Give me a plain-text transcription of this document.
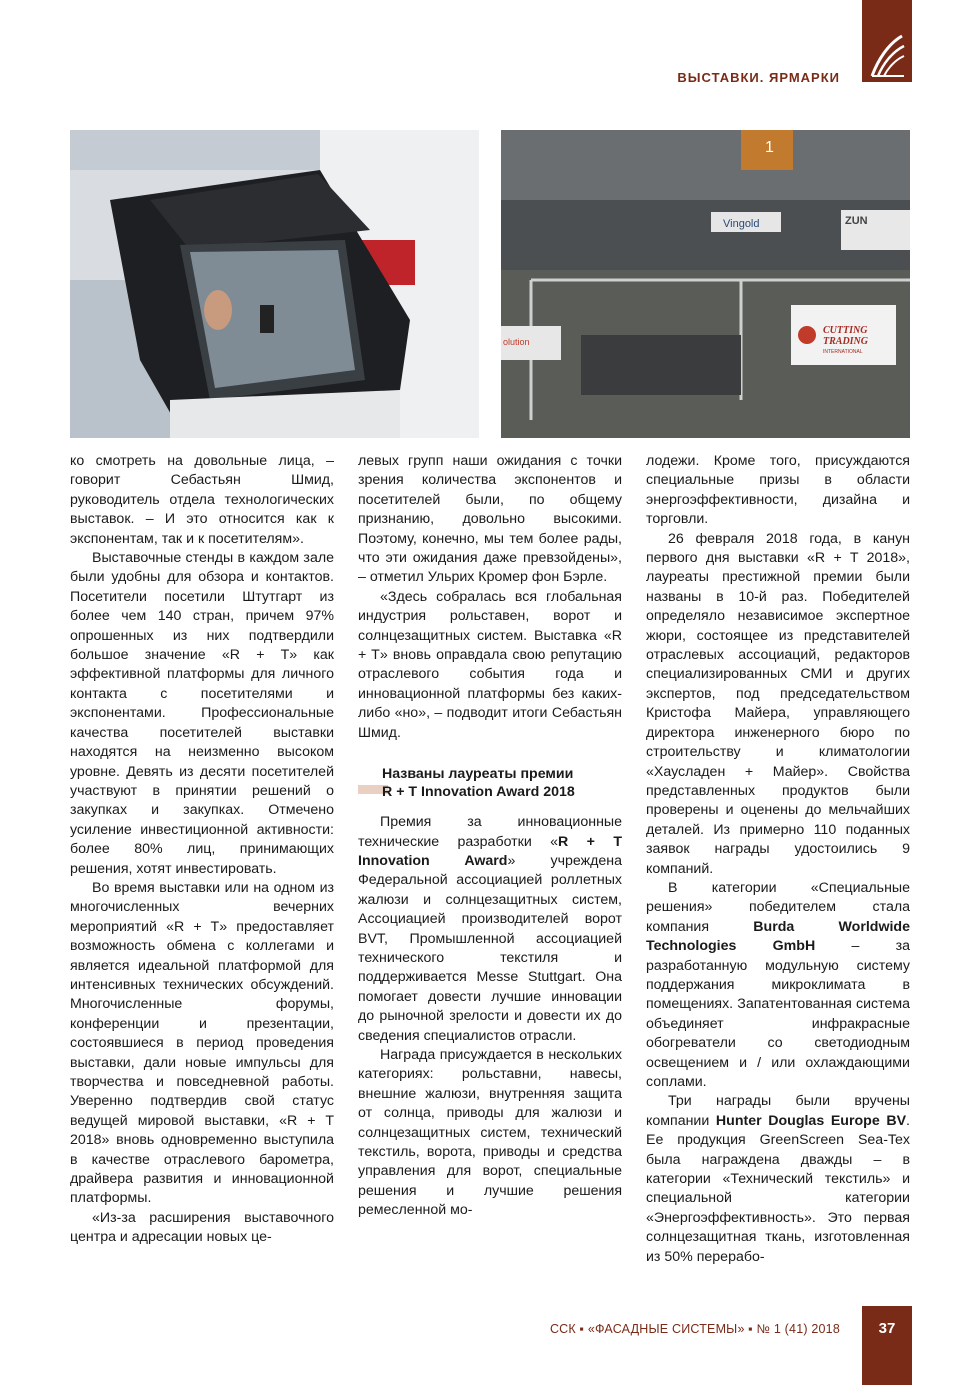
ВЫСТАВКИ. ЯРМАРКИ
1
Vingold	ZUN
olution
CUTTING
TRADING
INTERNATIONAL

ко смотреть на довольные лица, – говорит Себастьян Шмид, руководитель отдела технологических выставок. – И это относится как к экспонентам, так и к посетителям».

Выставочные стенды в каждом зале были удобны для обзора и контактов. Посетители посетили Штутгарт из более чем 140 стран, причем 97% опрошенных из них подтвердили большое значение «R + T» как эффективной платформы для личного контакта с посетителями и экспонентами. Профессиональные качества посетителей выставки находятся на неизменно высоком уровне. Девять из десяти посетителей участвуют в принятии решений о закупках и закупках. Отмечено усиление инвестиционной активности: более 80% лиц, принимающих решения, хотят инвестировать.

Во время выставки или на одном из многочисленных вечерних мероприятий «R + T» предоставляет возможность обмена с коллегами и является идеальной платформой для интенсивных технических обсуждений. Многочисленные форумы, конференции и презентации, состоявшиеся в период проведения выставки, дали новые импульсы для творчества и повседневной работы. Уверенно подтвердив свой статус ведущей мировой выставки, «R + T 2018» вновь одновременно выступила в качестве отраслевого барометра, драйвера развития и инновационной платформы.

«Из-за расширения выставочного центра и адресации новых це-

левых групп наши ожидания с точки зрения количества экспонентов и посетителей были, по общему признанию, довольно высокими. Поэтому, конечно, мы тем более рады, что эти ожидания даже превзойдены», – отметил Ульрих Кромер фон Бэрле.

«Здесь собралась вся глобальная индустрия рольставен, ворот и солнцезащитных систем. Выставка «R + T» вновь оправдала свою репутацию отраслевого события года и инновационной платформы без каких-либо «но», – подводит итоги Себастьян Шмид.

Названы лауреаты премии
R + T Innovation Award 2018

Премия за инновационные технические разработки «R + T Innovation Award» учреждена Федеральной ассоциацией роллетных жалюзи и солнцезащитных систем, Ассоциацией производителей ворот BVT, Промышленной ассоциацией технического текстиля и поддерживается Messe Stuttgart. Она помогает довести лучшие инновации до рыночной зрелости и довести их до сведения специалистов отрасли.

Награда присуждается в нескольких категориях: рольставни, навесы, внешние жалюзи, внутренняя защита от солнца, приводы для жалюзи и солнцезащитных систем, технический текстиль, ворота, приводы и средства управления для ворот, специальные решения и лучшие решения ремесленной мо-

лодежи. Кроме того, присуждаются специальные призы в области энергоэффективности, дизайна и торговли.

26 февраля 2018 года, в канун первого дня выставки «R + T 2018», лауреаты престижной премии были названы в 10-й раз. Победителей определяло независимое экспертное жюри, состоящее из представителей отраслевых ассоциаций, редакторов специализированных СМИ и других экспертов, под председательством Кристофа Майера, управляющего директора инженерного бюро по строительству и климатологии «Хаусладен + Майер». Свойства представленных продуктов были проверены и оценены до мельчайших деталей. Из примерно 110 поданных заявок награды удостоились 9 компаний.

В категории «Специальные решения» победителем стала компания Burda Worldwide Technologies GmbH – за разработанную модульную систему поддержания микроклимата в помещениях. Запатентованная система объединяет инфракрасные обогреватели со светодиодным освещением и / или охлаждающими соплами.

Три награды были вручены компании Hunter Douglas Europe BV. Ее продукция GreenScreen Sea-Tex была награждена дважды – в категории «Технический текстиль» и специальной категории «Энергоэффективность». Это первая солнцезащитная ткань, изготовленная из 50% перерабо-

ССК ▪ «ФАСАДНЫЕ СИСТЕМЫ» ▪ № 1 (41) 2018	37
